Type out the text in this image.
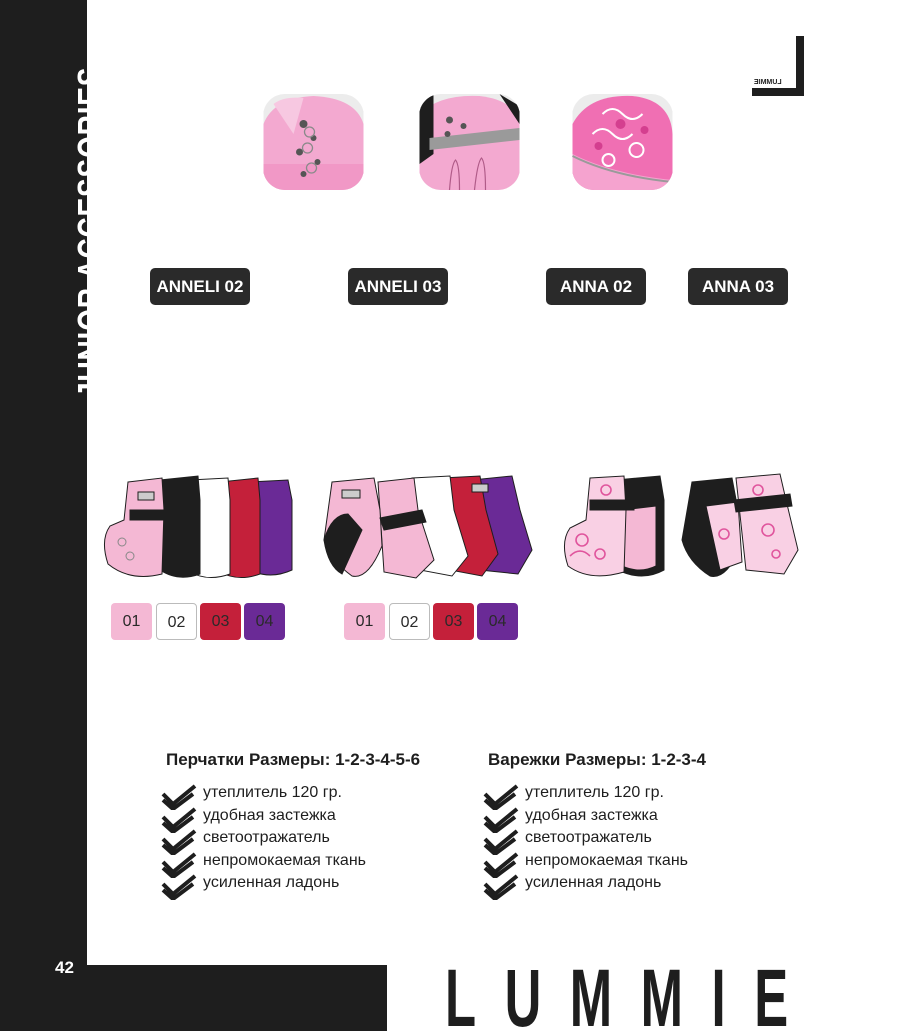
JUNIOR ACCESSORIES
42
LUMMIE
ANNELI 02	ANNELI 03	ANNA 02	ANNA 03
01	02	03	04	01	02	03	04
Перчатки Размеры: 1-2-3-4-5-6
утеплитель 120 гр.
удобная застежка
светоотражатель
непромокаемая ткань
усиленная ладонь
Варежки Размеры: 1-2-3-4
утеплитель 120 гр.
удобная застежка
светоотражатель
непромокаемая ткань
усиленная ладонь
LUMMIE
